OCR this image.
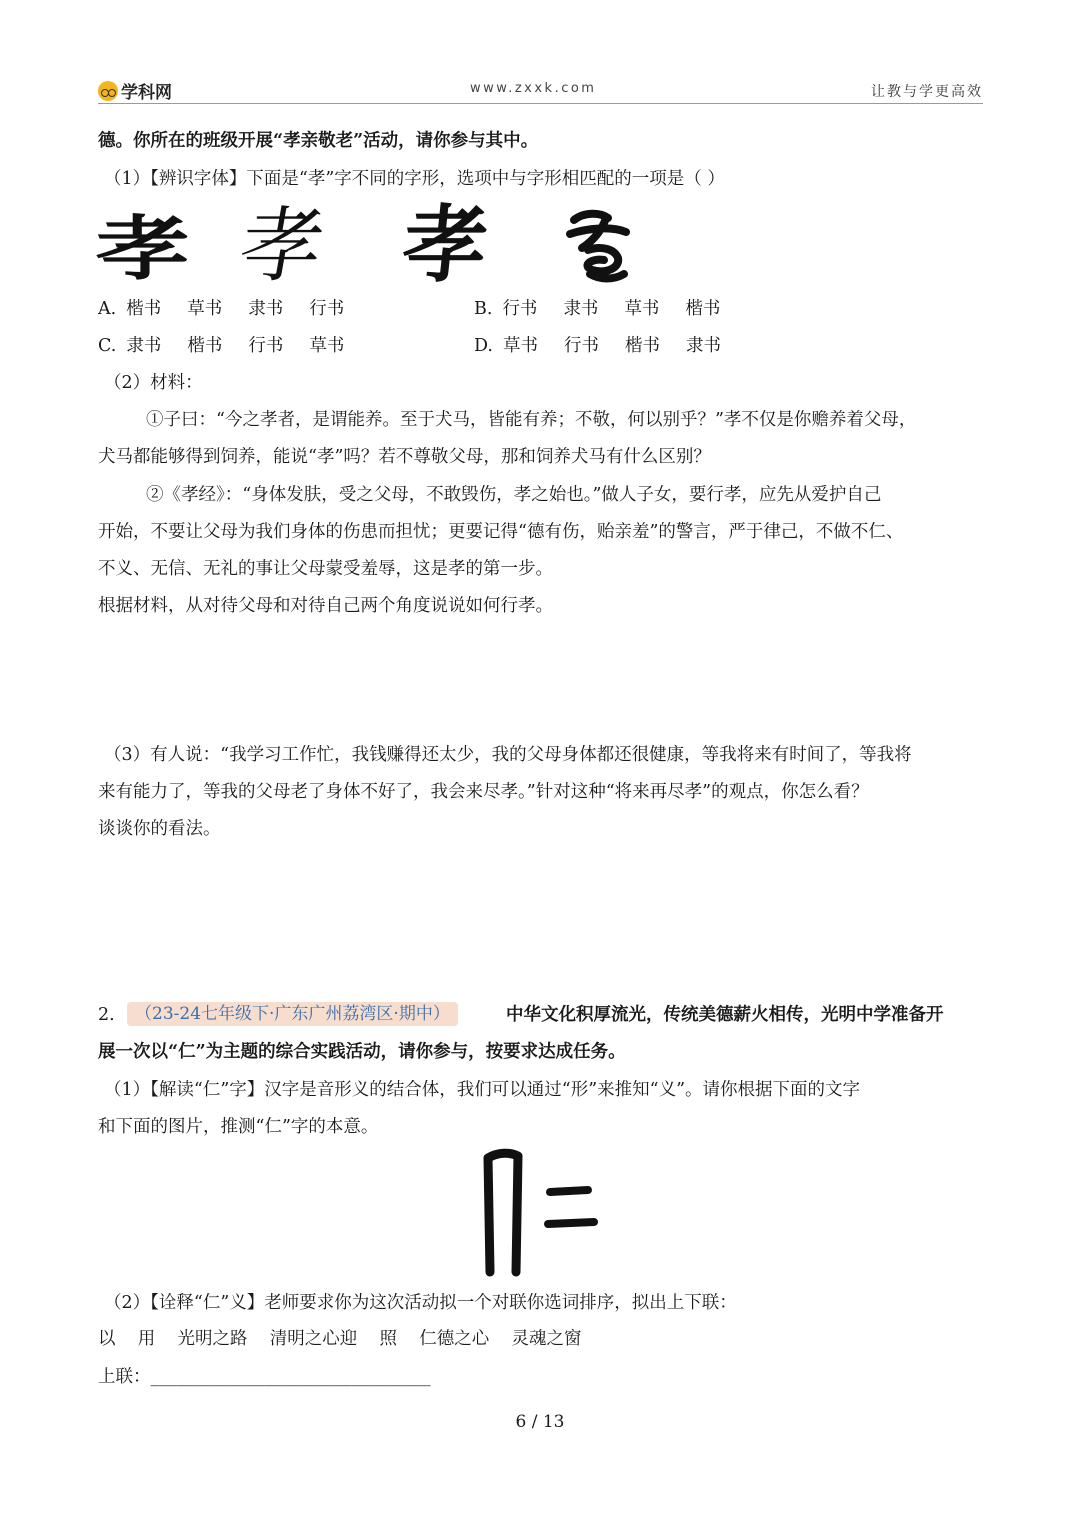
学科网	www.zxxk.com	让教与学更高效
德。你所在的班级开展“孝亲敬老”活动，请你参与其中。
（1）【辨识字体】下面是“孝”字不同的字形，选项中与字形相匹配的一项是（ ）
孝 孝 孝
A. 楷书 草书 隶书 行书	B. 行书 隶书 草书 楷书
C. 隶书 楷书 行书 草书	D. 草书 行书 楷书 隶书
（2）材料：
①子曰：“今之孝者，是谓能养。至于犬马，皆能有养；不敬，何以别乎？”孝不仅是你赡养着父母，
犬马都能够得到饲养，能说“孝”吗？若不尊敬父母，那和饲养犬马有什么区别？
②《孝经》：“身体发肤，受之父母，不敢毁伤，孝之始也。”做人子女，要行孝，应先从爱护自己
开始，不要让父母为我们身体的伤患而担忧；更要记得“德有伤，贻亲羞”的警言，严于律己，不做不仁、
不义、无信、无礼的事让父母蒙受羞辱，这是孝的第一步。
根据材料，从对待父母和对待自己两个角度说说如何行孝。
（3）有人说：“我学习工作忙，我钱赚得还太少，我的父母身体都还很健康，等我将来有时间了，等我将
来有能力了，等我的父母老了身体不好了，我会来尽孝。”针对这种“将来再尽孝”的观点，你怎么看？
谈谈你的看法。
2.	（23-24七年级下·广东广州荔湾区·期中）	中华文化积厚流光，传统美德薪火相传，光明中学准备开
展一次以“仁”为主题的综合实践活动，请你参与，按要求达成任务。
（1）【解读“仁”字】汉字是音形义的结合体，我们可以通过“形”来推知“义”。请你根据下面的文字
和下面的图片，推测“仁”字的本意。
（2）【诠释“仁”义】老师要求你为这次活动拟一个对联你选词排序，拟出上下联：
以    用    光明之路    清明之心迎    照    仁德之心    灵魂之窗
上联：________________________________
6 / 13
